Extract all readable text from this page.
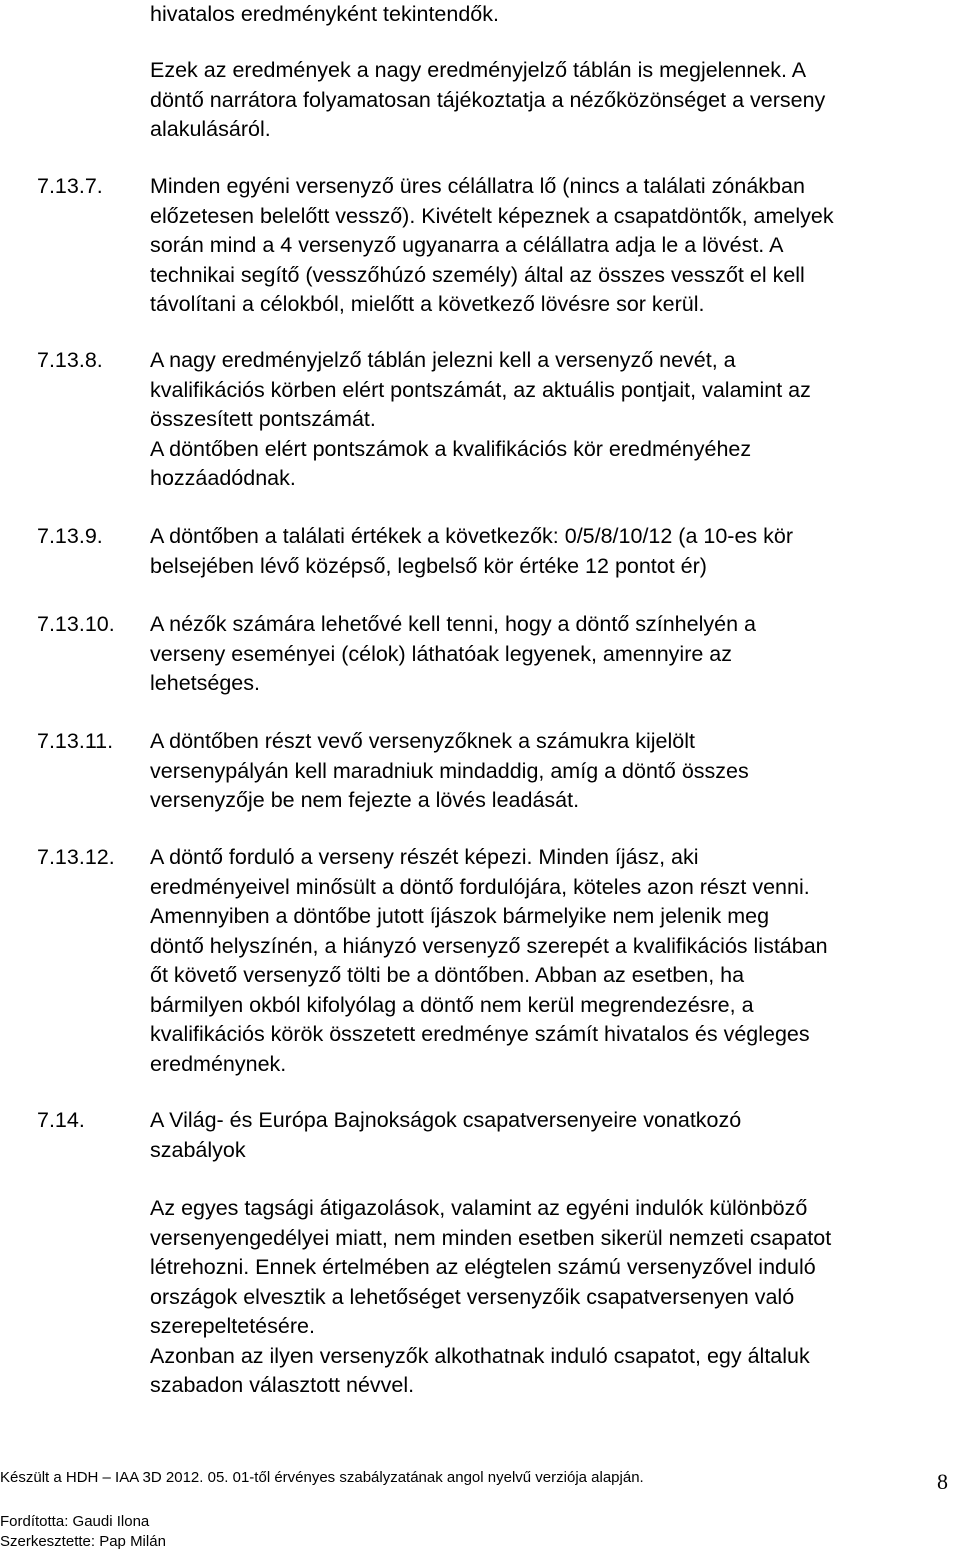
hivatalos eredményként tekintendők.
Ezek az eredmények a nagy eredményjelző táblán is megjelennek. A
döntő narrátora folyamatosan tájékoztatja a nézőközönséget a verseny
alakulásáról.
7.13.7. Minden egyéni versenyző üres célállatra lő (nincs a találati zónákban
előzetesen belelőtt vessző). Kivételt képeznek a csapatdöntők, amelyek
során mind a 4 versenyző ugyanarra a célállatra adja le a lövést. A
technikai segítő (vesszőhúzó személy) által az összes vesszőt el kell
távolítani a célokból, mielőtt a következő lövésre sor kerül.
7.13.8. A nagy eredményjelző táblán jelezni kell a versenyző nevét, a
kvalifikációs körben elért pontszámát, az aktuális pontjait, valamint az
összesített pontszámát.
A döntőben elért pontszámok a kvalifikációs kör eredményéhez
hozzáadódnak.
7.13.9. A döntőben a találati értékek a következők: 0/5/8/10/12 (a 10-es kör
belsejében lévő középső, legbelső kör értéke 12 pontot ér)
7.13.10. A nézők számára lehetővé kell tenni, hogy a döntő színhelyén a
verseny eseményei (célok) láthatóak legyenek, amennyire az
lehetséges.
7.13.11. A döntőben részt vevő versenyzőknek a számukra kijelölt
versenypályán kell maradniuk mindaddig, amíg a döntő összes
versenyzője be nem fejezte a lövés leadását.
7.13.12. A döntő forduló a verseny részét képezi. Minden íjász, aki
eredményeivel minősült a döntő fordulójára, köteles azon részt venni.
Amennyiben a döntőbe jutott íjászok bármelyike nem jelenik meg
döntő helyszínén, a hiányzó versenyző szerepét a kvalifikációs listában
őt követő versenyző tölti be a döntőben. Abban az esetben, ha
bármilyen okból kifolyólag a döntő nem kerül megrendezésre, a
kvalifikációs körök összetett eredménye számít hivatalos és végleges
eredménynek.
7.14.	A Világ- és Európa Bajnokságok csapatversenyeire vonatkozó
szabályok
Az egyes tagsági átigazolások, valamint az egyéni indulók különböző
versenyengedélyei miatt, nem minden esetben sikerül nemzeti csapatot
létrehozni. Ennek értelmében az elégtelen számú versenyzővel induló
országok elvesztik a lehetőséget versenyzőik csapatversenyen való
szerepeltetésére.
Azonban az ilyen versenyzők alkothatnak induló csapatot, egy általuk
szabadon választott névvel.
Készült a HDH – IAA 3D 2012. 05. 01-től érvényes szabályzatának angol nyelvű verziója alapján.	8
Fordította: Gaudi Ilona
Szerkesztette: Pap Milán
